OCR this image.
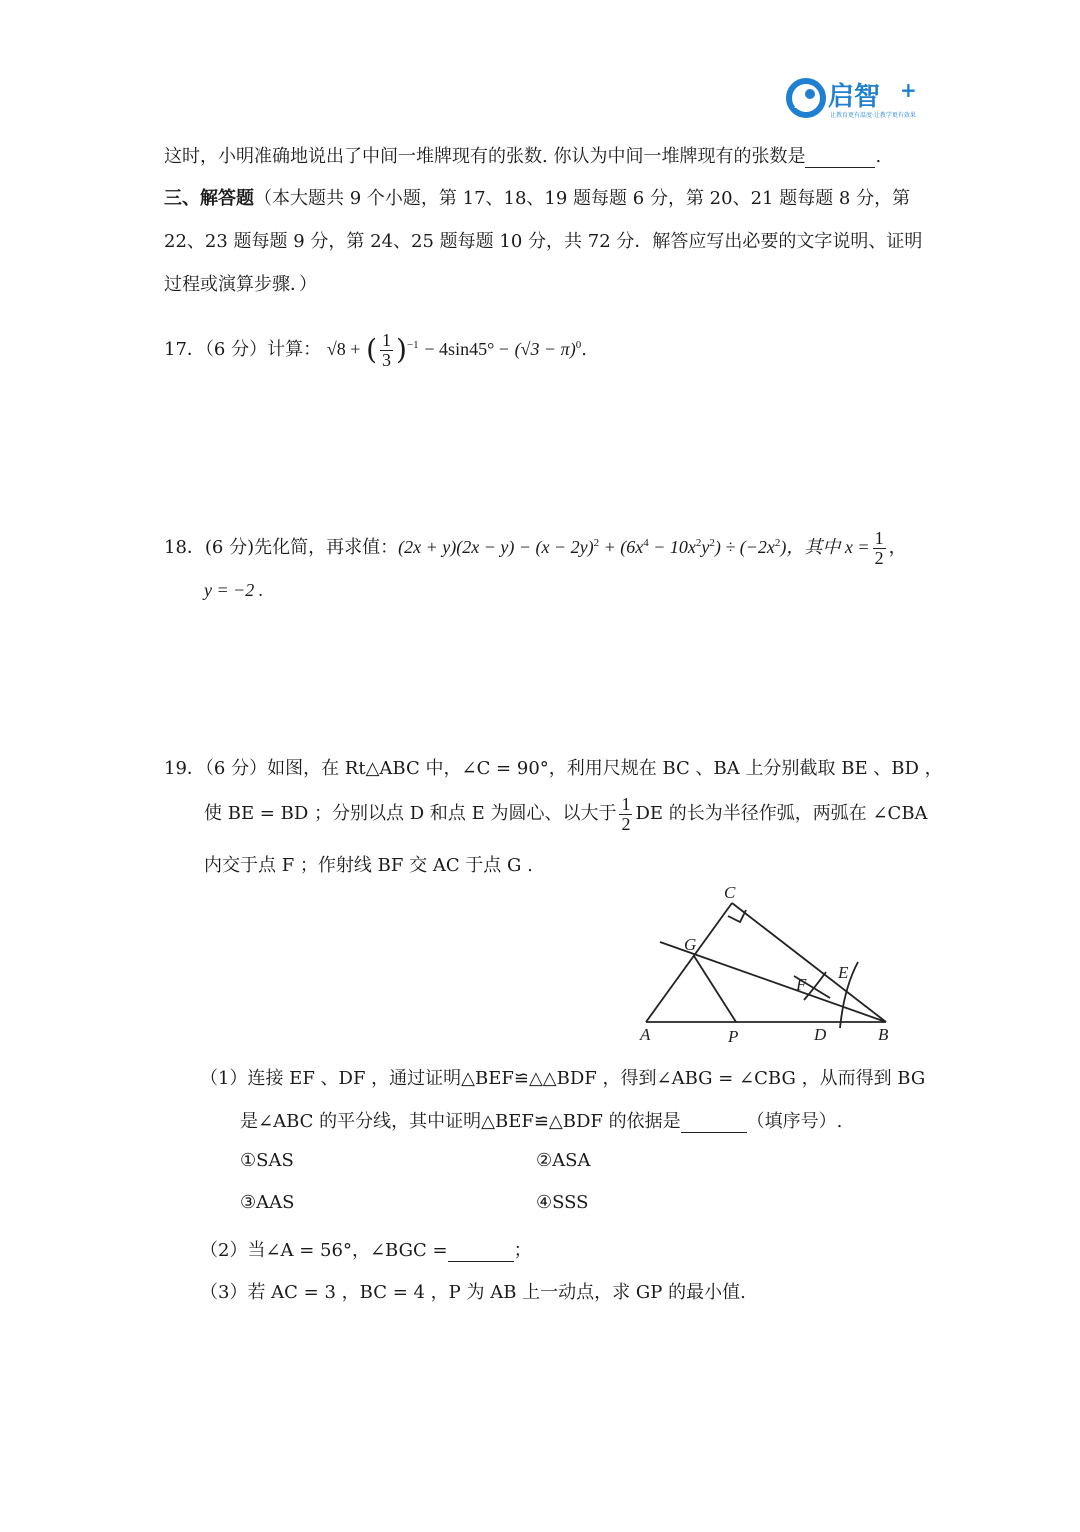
启智 +
让教育更有温度·让教学更有效果
这时，小明准确地说出了中间一堆牌现有的张数. 你认为中间一堆牌现有的张数是	.
三、解答题（本大题共 9 个小题，第 17、18、19 题每题 6 分，第 20、21 题每题 8 分，第
22、23 题每题 9 分，第 24、25 题每题 10 分，共 72 分．解答应写出必要的文字说明、证明
过程或演算步骤．）
17．（6 分）计算： √8 + ( $\frac{1}{3} )^{-1} - 4\sin 45^\circ - (√3 - \pi)^0$.
18．(6 分)先化简，再求值：$(2x + y)(2x - y) - (x - 2y)^2 + (6x^4 - 10x^2y^2) \div (-2x^2)$，其中 $x = \frac{1}{2}$ ，
y = −2 .
19．（6 分）如图，在 Rt△ABC 中，∠C = 90°，利用尺规在 BC 、BA 上分别截取 BE 、BD ，
使 BE = BD ；分别以点 D 和点 E 为圆心、以大于 $\frac{1}{2}$ DE 的长为半径作弧，两弧在 ∠CBA
内交于点 F ；作射线 BF 交 AC 于点 G .
C
G
F
E
A	P	D	B
（1）连接 EF 、DF ，通过证明△BEF≌△△BDF ，得到∠ABG = ∠CBG ，从而得到 BG
是∠ABC 的平分线，其中证明△BEF≌△BDF 的依据是	（填序号）.
①SAS	②ASA
③AAS	④SSS
（2）当∠A = 56°，∠BGC =	；
（3）若 AC = 3 ，BC = 4 ，P 为 AB 上一动点，求 GP 的最小值.
